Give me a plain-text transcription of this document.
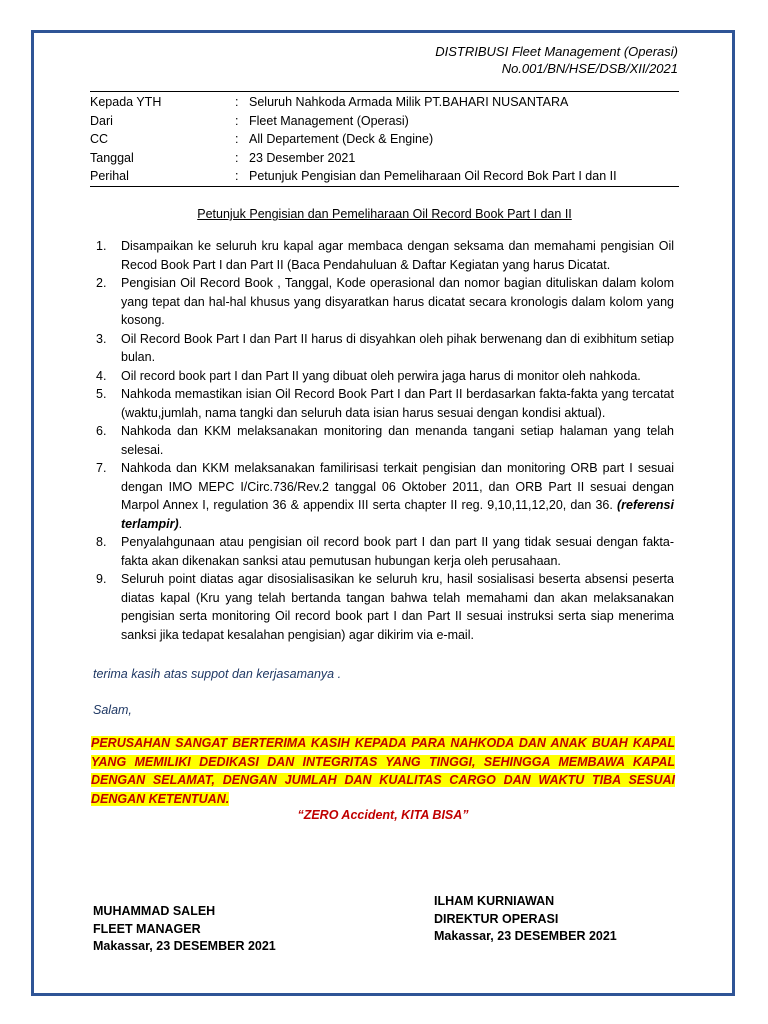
DISTRIBUSI Fleet Management (Operasi)
No.001/BN/HSE/DSB/XII/2021
Kepada YTH	: Seluruh Nahkoda Armada Milik PT.BAHARI NUSANTARA
Dari	: Fleet Management (Operasi)
CC	: All Departement (Deck & Engine)
Tanggal	: 23 Desember 2021
Perihal	: Petunjuk Pengisian dan Pemeliharaan Oil Record Bok Part I dan II
Petunjuk Pengisian dan Pemeliharaan Oil Record Book Part I dan II
1.	Disampaikan ke seluruh kru kapal agar membaca dengan seksama dan memahami pengisian Oil Recod Book Part I dan Part II (Baca Pendahuluan & Daftar Kegiatan yang harus Dicatat.
2.	Pengisian Oil Record Book , Tanggal, Kode operasional dan nomor bagian dituliskan dalam kolom yang tepat dan hal-hal khusus yang disyaratkan harus dicatat secara kronologis dalam kolom yang kosong.
3.	Oil Record Book Part I dan Part II harus di disyahkan oleh pihak berwenang dan di exibhitum setiap bulan.
4.	Oil record book part I dan Part II yang dibuat oleh perwira jaga harus di monitor oleh nahkoda.
5.	Nahkoda memastikan isian Oil Record Book Part I dan Part II berdasarkan fakta-fakta yang tercatat (waktu,jumlah, nama tangki dan seluruh data isian harus sesuai dengan kondisi aktual).
6.	Nahkoda dan KKM melaksanakan monitoring dan menanda tangani setiap halaman yang telah selesai.
7.	Nahkoda dan KKM melaksanakan familirisasi terkait pengisian dan monitoring ORB part I sesuai dengan IMO MEPC I/Circ.736/Rev.2 tanggal 06 Oktober 2011, dan ORB Part II sesuai dengan Marpol Annex I, regulation 36 & appendix III serta chapter II reg. 9,10,11,12,20, dan 36. (referensi terlampir).
8.	Penyalahgunaan atau pengisian oil record book part I dan part II yang tidak sesuai dengan fakta-fakta akan dikenakan sanksi atau pemutusan hubungan kerja oleh perusahaan.
9.	Seluruh point diatas agar disosialisasikan ke seluruh kru, hasil sosialisasi beserta absensi peserta diatas kapal (Kru yang telah bertanda tangan bahwa telah memahami dan akan melaksanakan pengisian serta monitoring Oil record book part I dan Part II sesuai instruksi serta siap menerima sanksi jika tedapat kesalahan pengisian) agar dikirim via e-mail.
terima kasih atas suppot dan kerjasamanya .
Salam,
PERUSAHAN SANGAT BERTERIMA KASIH KEPADA PARA NAHKODA DAN ANAK BUAH KAPAL YANG MEMILIKI DEDIKASI DAN INTEGRITAS YANG TINGGI, SEHINGGA MEMBAWA KAPAL DENGAN SELAMAT, DENGAN JUMLAH DAN KUALITAS CARGO DAN WAKTU TIBA SESUAI DENGAN KETENTUAN.
“ZERO Accident, KITA BISA”
MUHAMMAD SALEH
FLEET MANAGER
Makassar, 23 DESEMBER 2021
ILHAM KURNIAWAN
DIREKTUR OPERASI
Makassar, 23 DESEMBER 2021
